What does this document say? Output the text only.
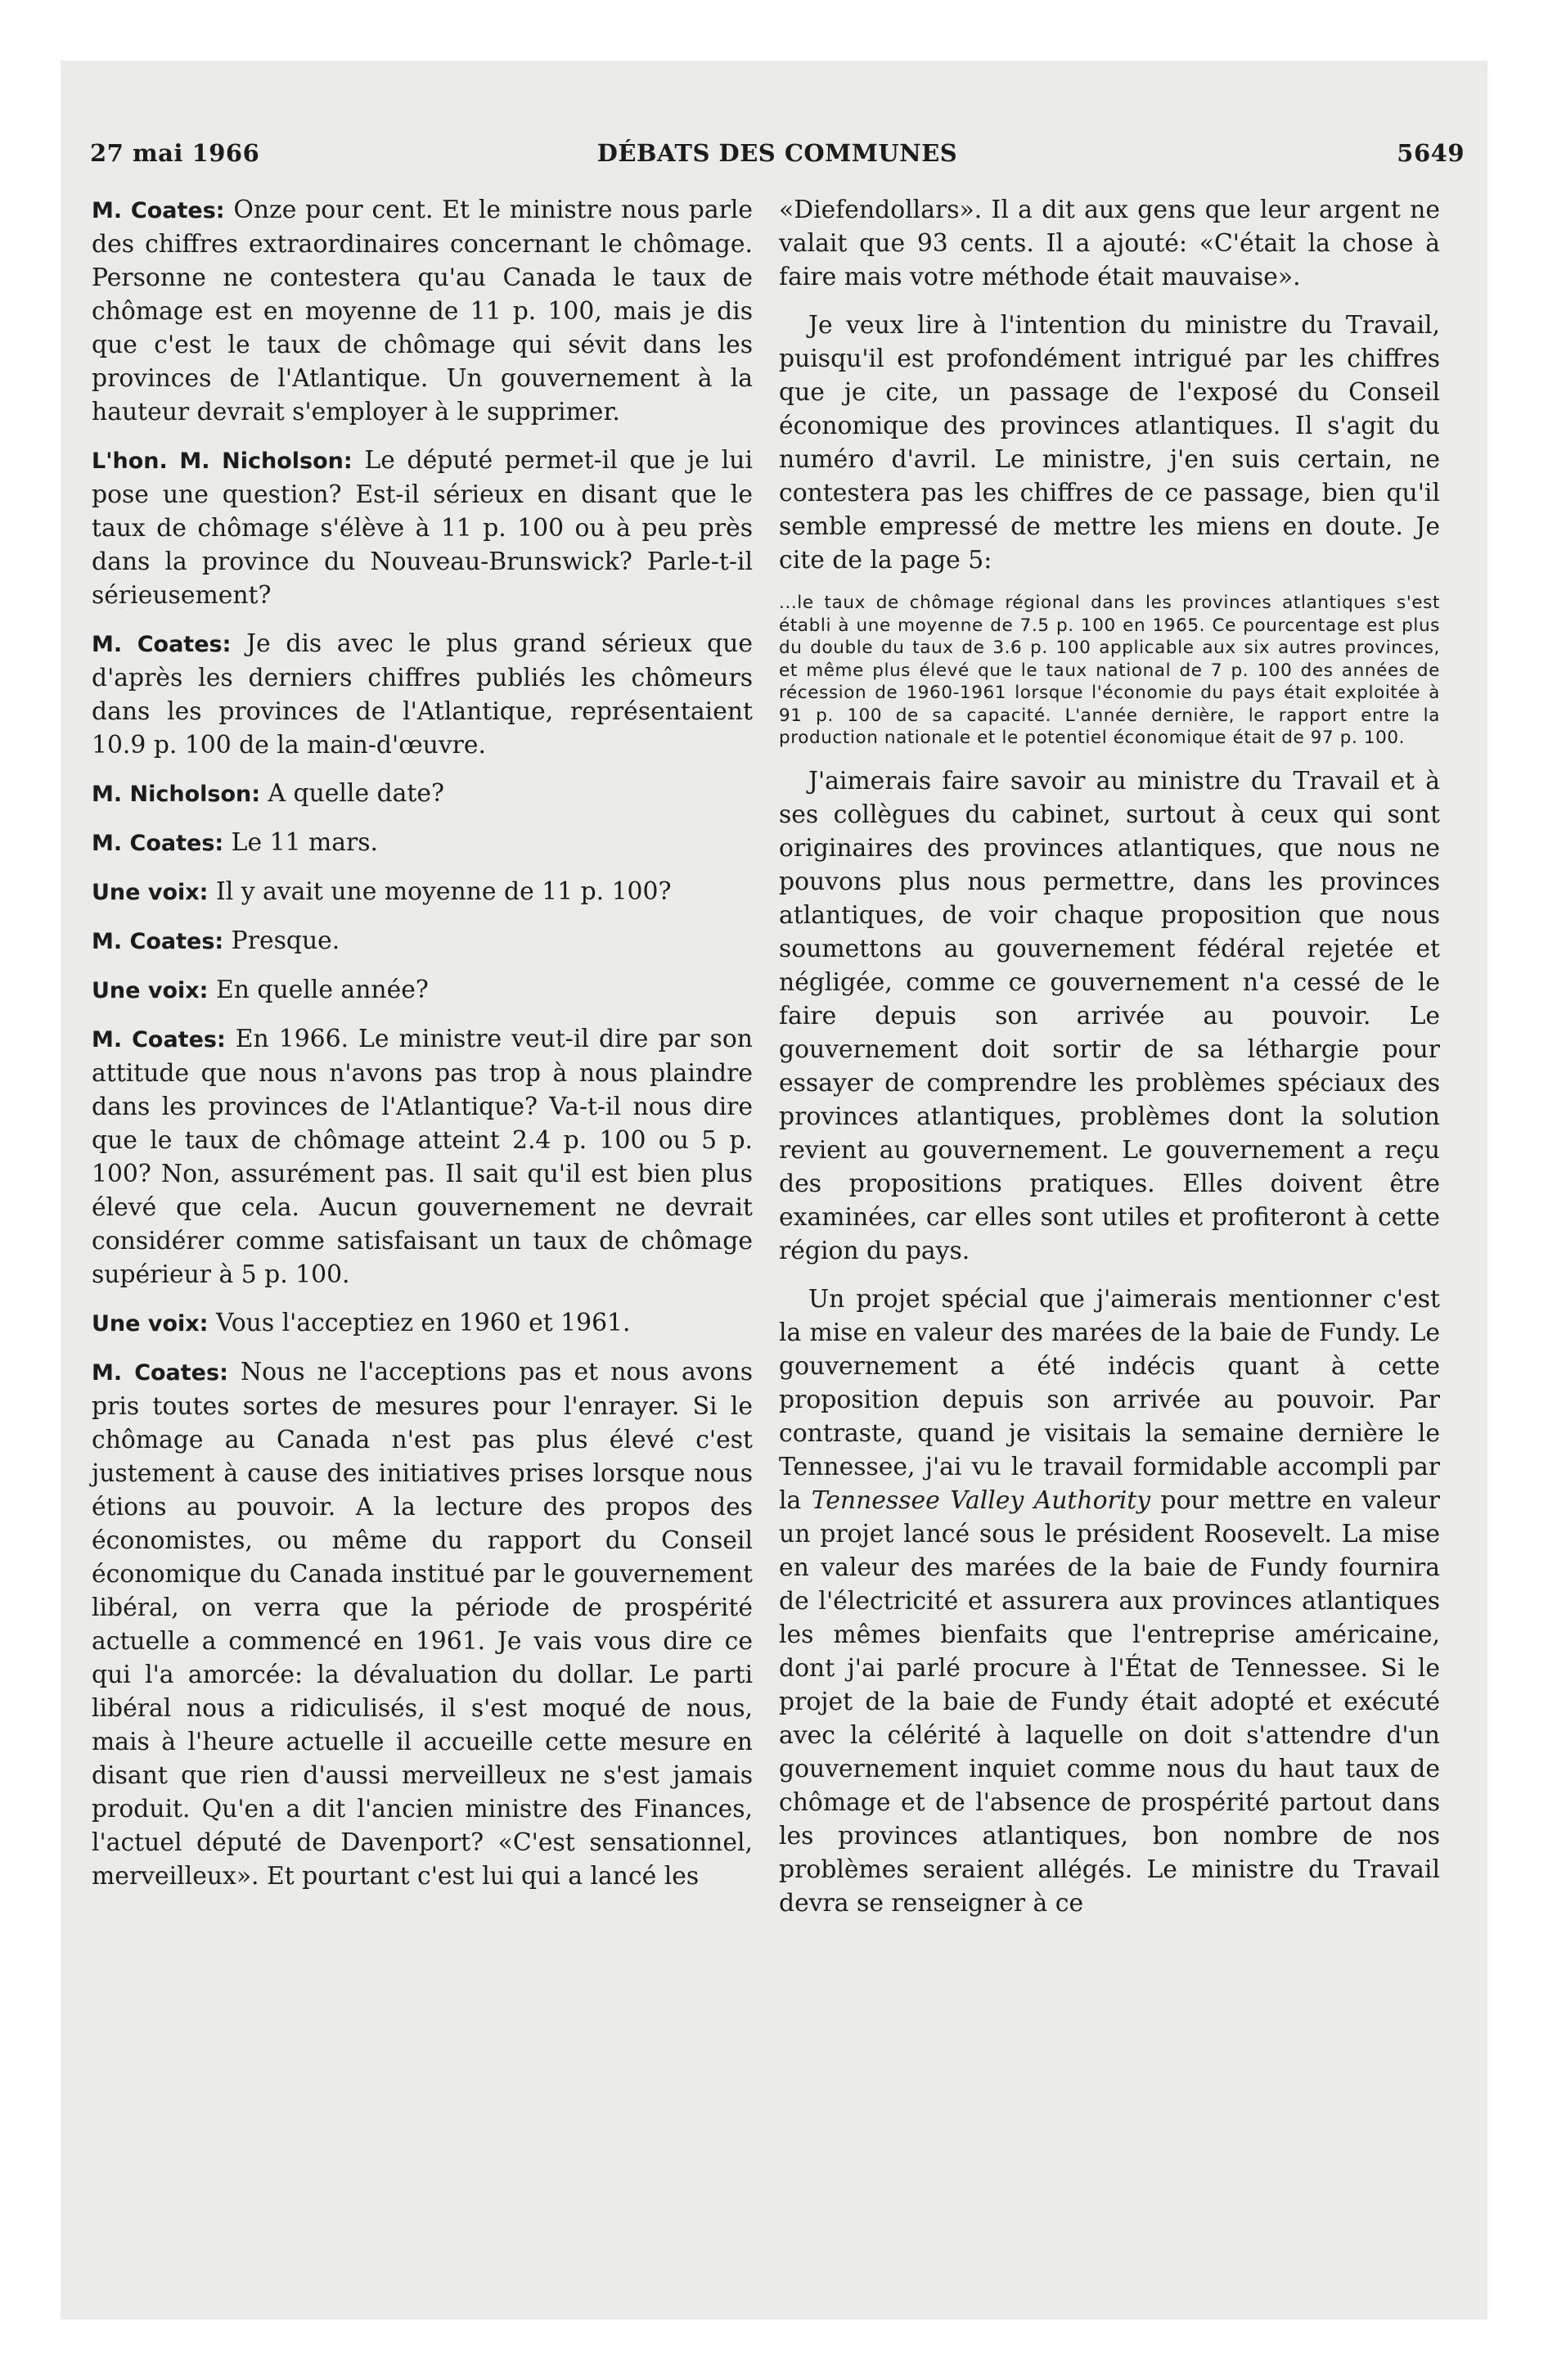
27 mai 1966	DÉBATS DES COMMUNES	5649

M. Coates: Onze pour cent. Et le ministre nous parle des chiffres extraordinaires concernant le chômage. Personne ne contestera qu'au Canada le taux de chômage est en moyenne de 11 p. 100, mais je dis que c'est le taux de chômage qui sévit dans les provinces de l'Atlantique. Un gouvernement à la hauteur devrait s'employer à le supprimer.

L'hon. M. Nicholson: Le député permet-il que je lui pose une question? Est-il sérieux en disant que le taux de chômage s'élève à 11 p. 100 ou à peu près dans la province du Nouveau-Brunswick? Parle-t-il sérieusement?

M. Coates: Je dis avec le plus grand sérieux que d'après les derniers chiffres publiés les chômeurs dans les provinces de l'Atlantique, représentaient 10.9 p. 100 de la main-d'œuvre.

M. Nicholson: A quelle date?

M. Coates: Le 11 mars.

Une voix: Il y avait une moyenne de 11 p. 100?

M. Coates: Presque.

Une voix: En quelle année?

M. Coates: En 1966. Le ministre veut-il dire par son attitude que nous n'avons pas trop à nous plaindre dans les provinces de l'Atlantique? Va-t-il nous dire que le taux de chômage atteint 2.4 p. 100 ou 5 p. 100? Non, assurément pas. Il sait qu'il est bien plus élevé que cela. Aucun gouvernement ne devrait considérer comme satisfaisant un taux de chômage supérieur à 5 p. 100.

Une voix: Vous l'acceptiez en 1960 et 1961.

M. Coates: Nous ne l'acceptions pas et nous avons pris toutes sortes de mesures pour l'enrayer. Si le chômage au Canada n'est pas plus élevé c'est justement à cause des initiatives prises lorsque nous étions au pouvoir. A la lecture des propos des économistes, ou même du rapport du Conseil économique du Canada institué par le gouvernement libéral, on verra que la période de prospérité actuelle a commencé en 1961. Je vais vous dire ce qui l'a amorcée: la dévaluation du dollar. Le parti libéral nous a ridiculisés, il s'est moqué de nous, mais à l'heure actuelle il accueille cette mesure en disant que rien d'aussi merveilleux ne s'est jamais produit. Qu'en a dit l'ancien ministre des Finances, l'actuel député de Davenport? «C'est sensationnel, merveilleux». Et pourtant c'est lui qui a lancé les

«Diefendollars». Il a dit aux gens que leur argent ne valait que 93 cents. Il a ajouté: «C'était la chose à faire mais votre méthode était mauvaise».

Je veux lire à l'intention du ministre du Travail, puisqu'il est profondément intrigué par les chiffres que je cite, un passage de l'exposé du Conseil économique des provinces atlantiques. Il s'agit du numéro d'avril. Le ministre, j'en suis certain, ne contestera pas les chiffres de ce passage, bien qu'il semble empressé de mettre les miens en doute. Je cite de la page 5:

...le taux de chômage régional dans les provinces atlantiques s'est établi à une moyenne de 7.5 p. 100 en 1965. Ce pourcentage est plus du double du taux de 3.6 p. 100 applicable aux six autres provinces, et même plus élevé que le taux national de 7 p. 100 des années de récession de 1960-1961 lorsque l'économie du pays était exploitée à 91 p. 100 de sa capacité. L'année dernière, le rapport entre la production nationale et le potentiel économique était de 97 p. 100.

J'aimerais faire savoir au ministre du Travail et à ses collègues du cabinet, surtout à ceux qui sont originaires des provinces atlantiques, que nous ne pouvons plus nous permettre, dans les provinces atlantiques, de voir chaque proposition que nous soumettons au gouvernement fédéral rejetée et négligée, comme ce gouvernement n'a cessé de le faire depuis son arrivée au pouvoir. Le gouvernement doit sortir de sa léthargie pour essayer de comprendre les problèmes spéciaux des provinces atlantiques, problèmes dont la solution revient au gouvernement. Le gouvernement a reçu des propositions pratiques. Elles doivent être examinées, car elles sont utiles et profiteront à cette région du pays.

Un projet spécial que j'aimerais mentionner c'est la mise en valeur des marées de la baie de Fundy. Le gouvernement a été indécis quant à cette proposition depuis son arrivée au pouvoir. Par contraste, quand je visitais la semaine dernière le Tennessee, j'ai vu le travail formidable accompli par la Tennessee Valley Authority pour mettre en valeur un projet lancé sous le président Roosevelt. La mise en valeur des marées de la baie de Fundy fournira de l'électricité et assurera aux provinces atlantiques les mêmes bienfaits que l'entreprise américaine, dont j'ai parlé procure à l'État de Tennessee. Si le projet de la baie de Fundy était adopté et exécuté avec la célérité à laquelle on doit s'attendre d'un gouvernement inquiet comme nous du haut taux de chômage et de l'absence de prospérité partout dans les provinces atlantiques, bon nombre de nos problèmes seraient allégés. Le ministre du Travail devra se renseigner à ce
